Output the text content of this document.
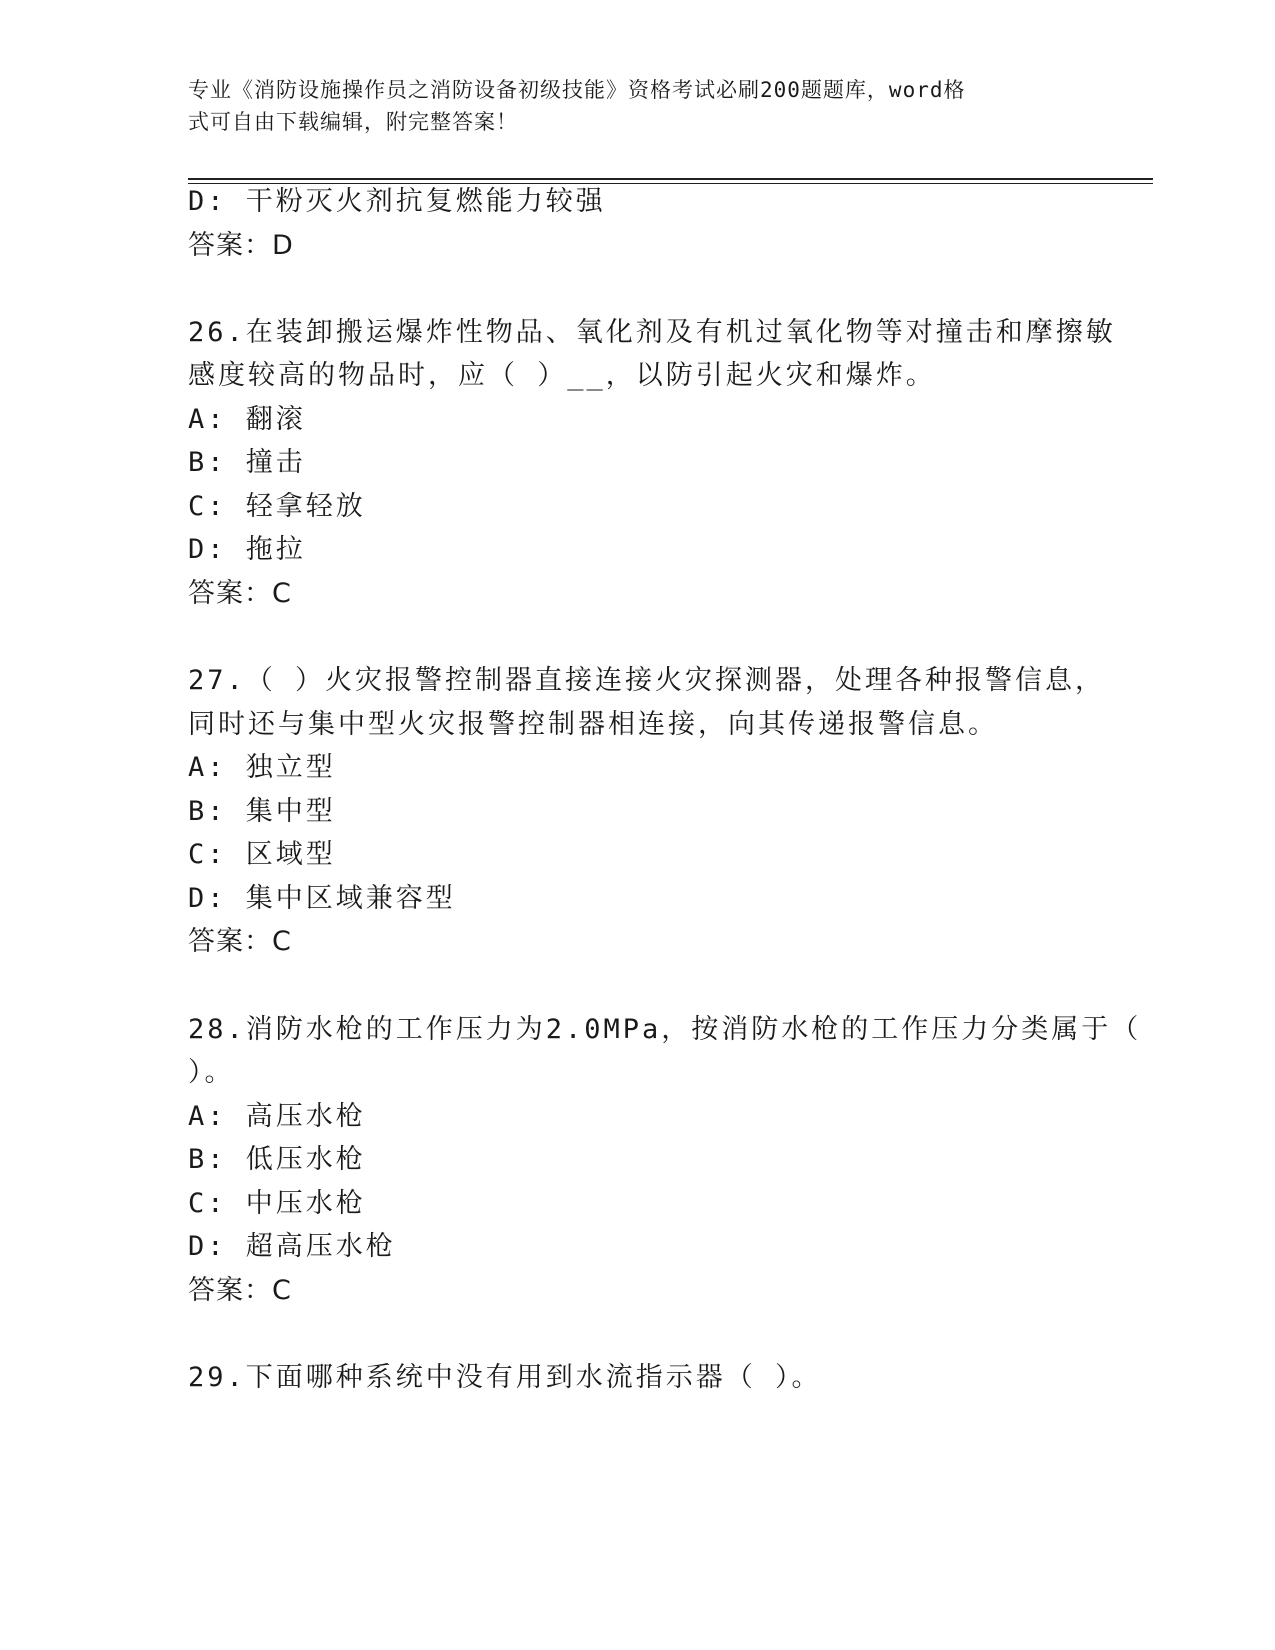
专业《消防设施操作员之消防设备初级技能》资格考试必刷200题题库，word格
式可自由下载编辑，附完整答案！
D: 干粉灭火剂抗复燃能力较强
答案：D
26.在装卸搬运爆炸性物品、氧化剂及有机过氧化物等对撞击和摩擦敏
感度较高的物品时，应（ ）__，以防引起火灾和爆炸。
A: 翻滚
B: 撞击
C: 轻拿轻放
D: 拖拉
答案：C
27.（ ）火灾报警控制器直接连接火灾探测器，处理各种报警信息，
同时还与集中型火灾报警控制器相连接，向其传递报警信息。
A: 独立型
B: 集中型
C: 区域型
D: 集中区域兼容型
答案：C
28.消防水枪的工作压力为2.0MPa，按消防水枪的工作压力分类属于（
）。
A: 高压水枪
B: 低压水枪
C: 中压水枪
D: 超高压水枪
答案：C
29.下面哪种系统中没有用到水流指示器（ ）。
